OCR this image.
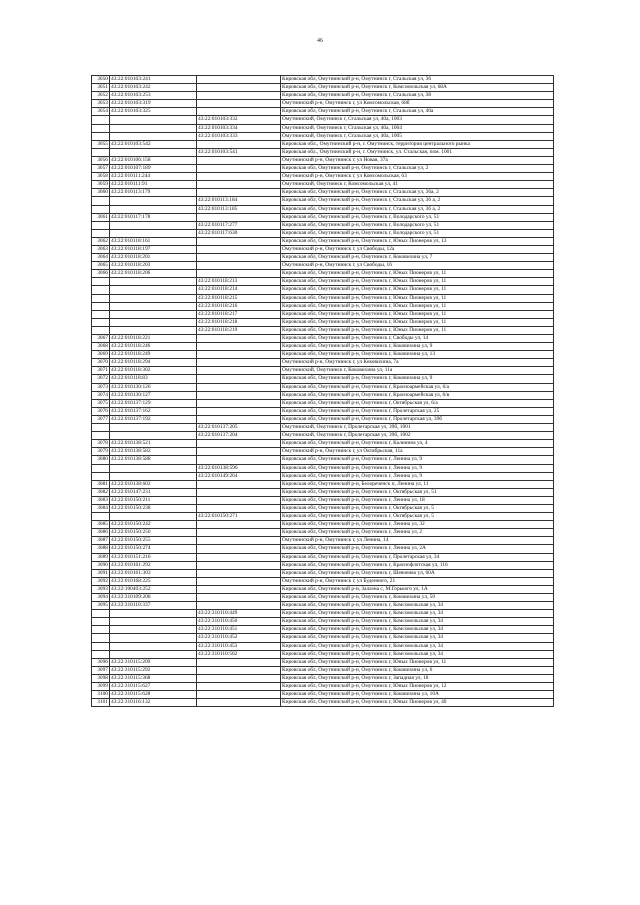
46
3050	43:22:010103:241		Кировская обл, Омутнинский р-н, Омутнинск г, Стальская ул, 36
3051	43:22:010103:242		Кировская обл, Омутнинский р-н, Омутнинск г, Комсомольская ул, 68А
3052	43:22:010103:253		Кировская обл, Омутнинский р-н, Омутнинск г, Стальская ул, 38
3053	43:22:010103:319		Омутнинский р-н, Омутнинск г, ул Комсомольская, 68б
3054	43:22:010103:325		Кировская обл, Омутнинский р-н, Омутнинск г, Стальская ул, 40а
		43:22:010103:332	Омутнинский, Омутнинск г, Стальская ул, 40а, 1003
		43:22:010103:334	Омутнинский, Омутнинск г, Стальская ул, 40а, 1004
		43:22:010103:333	Омутнинский, Омутнинск г, Стальская ул, 40а, 1005
3055	43:22:010103:542		Кировская обл., Омутнинский р-н, г. Омутнинск, территория центрального рынка
		43:22:010103:541	Кировская обл., Омутнинский р-н, г. Омутнинск, ул. Стальская, пом. 1001
3056	43:22:010106:158		Омутнинский р-н, Омутнинск г, ул Новая, 37а
3057	43:22:010107:189		Кировская обл, Омутнинский р-н, Омутнинск г, Стальская ул, 2
3058	43:22:010111:244		Омутнинский р-н, Омутнинск г, ул Комсомольская, 63
3059	43:22:010111:91		Омутнинский, Омутнинск г, Комсомольская ул, 41
3060	43:22:010113:179		Кировская обл, Омутнинский р-н, Омутнинск г, Стальская ул, 36а, 2
		43:22:010113:184	Кировская обл, Омутнинский р-н, Омутнинск г, Стальская ул, 36 а, 2
		43:22:010113:185	Кировская обл, Омутнинский р-н, Омутнинск г, Стальская ул, 36 а, 2
3061	43:22:010117:178		Кировская обл, Омутнинский р-н, Омутнинск г, Володарского ул, 51
		43:22:010117:277	Кировская обл, Омутнинский р-н, Омутнинск г, Володарского ул, 51
		43:22:010117:630	Кировская обл, Омутнинский р-н, Омутнинск г, Володарского ул, 51
3062	43:22:010118:161		Кировская обл, Омутнинский р-н, Омутнинск г, Юных Пионеров ул, 13
3063	43:22:010118:197		Омутнинский р-н, Омутнинск г, ул Свободы, 12а
3064	43:22:010118:201		Кировская обл, Омутнинский р-н, Омутнинск г, Коковихина ул, 7
3065	43:22:010118:203		Омутнинский р-н, Омутнинск г, ул Свободы, 16
3066	43:22:010118:206		Кировская обл, Омутнинский р-н, Омутнинск г, Юных Пионеров ул, 11
		43:22:010118:213	Кировская обл, Омутнинский р-н, Омутнинск г, Юных Пионеров ул, 11
		43:22:010118:214	Кировская обл, Омутнинский р-н, Омутнинск г, Юных Пионеров ул, 11
		43:22:010118:215	Кировская обл, Омутнинский р-н, Омутнинск г, Юных Пионеров ул, 11
		43:22:010118:216	Кировская обл, Омутнинский р-н, Омутнинск г, Юных Пионеров ул, 11
		43:22:010118:217	Кировская обл, Омутнинский р-н, Омутнинск г, Юных Пионеров ул, 11
		43:22:010118:218	Кировская обл, Омутнинский р-н, Омутнинск г, Юных Пионеров ул, 11
		43:22:010118:219	Кировская обл, Омутнинский р-н, Омутнинск г, Юных Пионеров ул, 11
3067	43:22:010118:221		Кировская обл, Омутнинский р-н, Омутнинск г, Свободы ул, 14
3068	43:22:010118:246		Кировская обл, Омутнинский р-н, Омутнинск г, Коковихина ул, 9
3069	43:22:010118:249		Кировская обл, Омутнинский р-н, Омутнинск г, Коковихина ул, 13
3070	43:22:010118:294		Омутнинский р-н, Омутнинск г, ул Коковихина, 7а
3071	43:22:010118:302		Омутнинский, Омутнинск г, Коковихина ул, 11а
3072	43:22:010118:83		Кировская обл, Омутнинский р-н, Омутнинск г, Коковихина ул, 9
3073	43:22:010130:126		Кировская обл, Омутнинский р-н, Омутнинск г, Красноармейская ул, 6/а
3074	43:22:010130:127		Кировская обл, Омутнинский р-н, Омутнинск г, Красноармейская ул, 6/в
3075	43:22:010137:129		Кировская обл, Омутнинский р-н, Омутнинск г, Октябрьская ул, 6/а
3076	43:22:010137:162		Кировская обл, Омутнинский р-н, Омутнинск г, Пролетарская ул, 25
3077	43:22:010137:192		Кировская обл, Омутнинский р-н, Омутнинск г, Пролетарская ул, 39б
		43:22:010137:205	Омутнинский, Омутнинск г, Пролетарская ул, 39б, 1001
		43:22:010137:204	Омутнинский, Омутнинск г, Пролетарская ул, 39б, 1002
3078	43:22:010138:521		Кировская обл, Омутнинский р-н, Омутнинск г, Калинина ул, 4
3079	43:22:010138:582		Омутнинский р-н, Омутнинск г, ул Октябрьская, 11а
3080	43:22:010138:588		Кировская обл, Омутнинский р-н, Омутнинск г, Ленина ул, 9
		43:22:010138:596	Кировская обл, Омутнинский р-н, Омутнинск г, Ленина ул, 9
		43:22:010149:264	Кировская обл, Омутнинский р-н, Омутнинск г, Ленина ул, 9
3081	43:22:010138:602		Кировская обл, Омутнинский р-н, Белореченск п, Ленина ул, 11
3082	43:22:010147:231		Кировская обл, Омутнинский р-н, Омутнинск г, Октябрьская ул, 51
3083	43:22:010150:211		Кировская обл, Омутнинский р-н, Омутнинск г, Ленина ул, 18
3084	43:22:010150:238		Кировская обл, Омутнинский р-н, Омутнинск г, Октябрьская ул, 5
		43:22:010150:271	Кировская обл, Омутнинский р-н, Омутнинск г, Октябрьская ул, 5
3085	43:22:010150:242		Кировская обл, Омутнинский р-н, Омутнинск г, Ленина ул, 32
3086	43:22:010150:250		Кировская обл, Омутнинский р-н, Омутнинск г, Ленина ул, 2
3087	43:22:010150:255		Омутнинский р-н, Омутнинск г, ул Ленина, 14
3088	43:22:010150:274		Кировская обл, Омутнинский р-н, Омутнинск г, Ленина ул, 2А
3089	43:22:010151:216		Кировская обл, Омутнинский р-н, Омутнинск г, Пролетарская ул, 34
3090	43:22:010161:292		Кировская обл, Омутнинский р-н, Омутнинск г, Краснофлотская ул, 116
3091	43:22:010161:303		Кировская обл, Омутнинский р-н, Омутнинск г, Шевченко ул, 60А
3092	43:22:010168:225		Омутнинский р-н, Омутнинск г, ул Буденного, 21
3093	43:22:100403:252		Кировская обл, Омутнинский р-н, Залазна с, М.Горького ул, 1А
3094	43:22:310109:208		Кировская обл, Омутнинский р-н, Омутнинск г, Коковихина ул, 50
3095	43:22:310110:337		Кировская обл, Омутнинский р-н, Омутнинск г, Комсомольская ул, 34
		43:22:310110:449	Кировская обл, Омутнинский р-н, Омутнинск г, Комсомольская ул, 34
		43:22:310110:450	Кировская обл, Омутнинский р-н, Омутнинск г, Комсомольская ул, 34
		43:22:310110:451	Кировская обл, Омутнинский р-н, Омутнинск г, Комсомольская ул, 34
		43:22:310110:452	Кировская обл, Омутнинский р-н, Омутнинск г, Комсомольская ул, 34
		43:22:310110:453	Кировская обл, Омутнинский р-н, Омутнинск г, Комсомольская ул, 34
		43:22:310110:562	Кировская обл, Омутнинский р-н, Омутнинск г, Комсомольская ул, 34
3096	43:22:310115:209		Кировская обл, Омутнинский р-н, Омутнинск г, Юных Пионеров ул, 11
3097	43:22:310115:292		Кировская обл, Омутнинский р-н, Омутнинск г, Коковихина ул, 6
3098	43:22:310115:368		Кировская обл, Омутнинский р-н, Омутнинск г, Западная ул, 18
3099	43:22:310115:627		Кировская обл, Омутнинский р-н, Омутнинск г, Юных Пионеров ул, 12
3100	43:22:310115:628		Кировская обл, Омутнинский р-н, Омутнинск г, Коковихина ул, 10А
3101	43:22:310116:132		Кировская обл, Омутнинский р-н, Омутнинск г, Юных Пионеров ул, 40
